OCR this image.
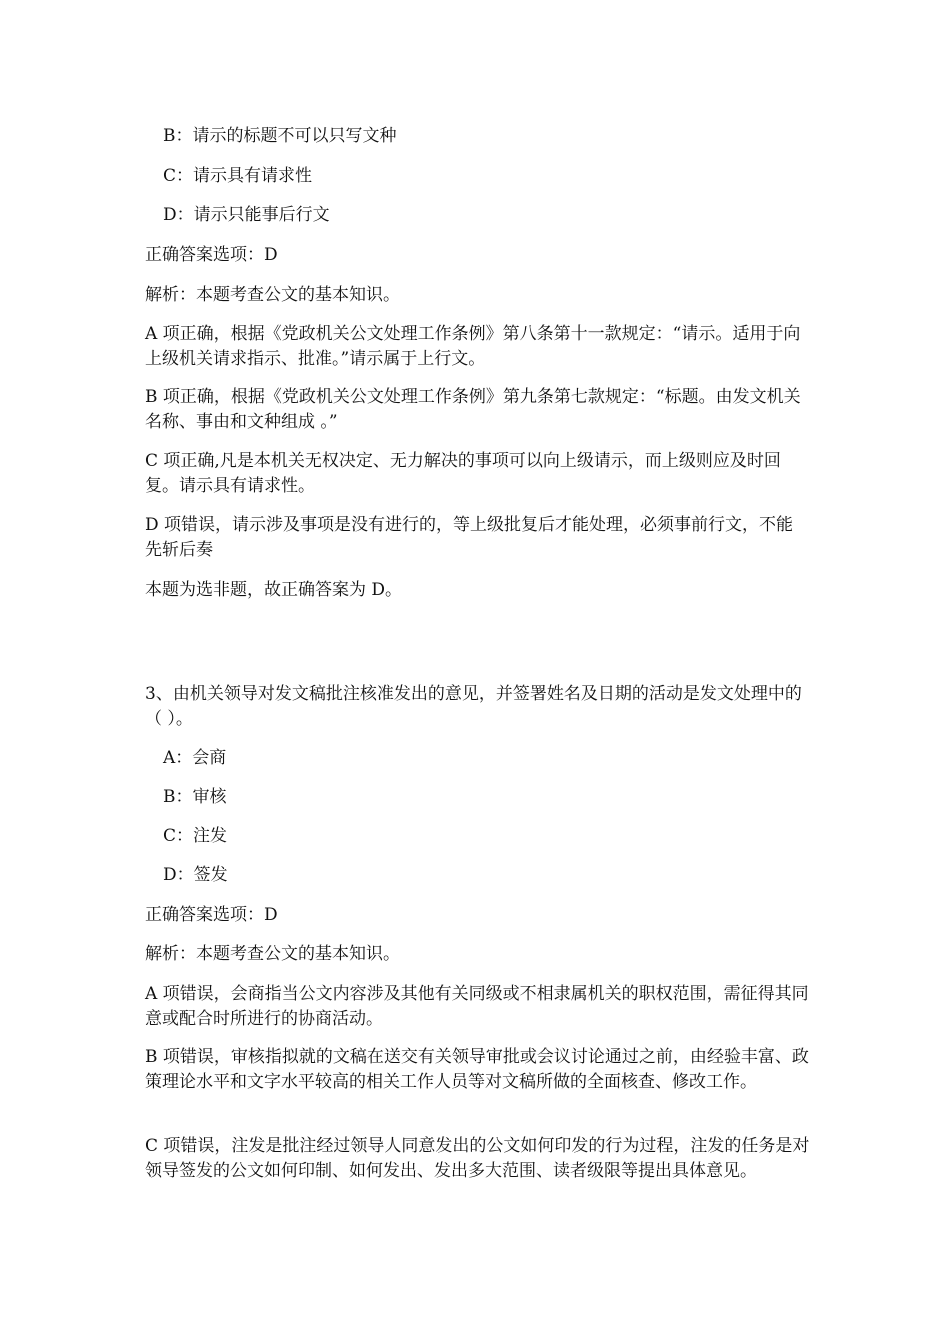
B：请示的标题不可以只写文种

C：请示具有请求性

D：请示只能事后行文

正确答案选项：D

解析：本题考查公文的基本知识。

A 项正确，根据《党政机关公文处理工作条例》第八条第十一款规定：“请示。适用于向上级机关请求指示、批准。”请示属于上行文。

B 项正确，根据《党政机关公文处理工作条例》第九条第七款规定：“标题。由发文机关名称、事由和文种组成 。”

C 项正确,凡是本机关无权决定、无力解决的事项可以向上级请示，而上级则应及时回复。请示具有请求性。

D 项错误，请示涉及事项是没有进行的，等上级批复后才能处理，必须事前行文，不能先斩后奏

本题为选非题，故正确答案为 D。

3、由机关领导对发文稿批注核准发出的意见，并签署姓名及日期的活动是发文处理中的（ ）。

A：会商

B：审核

C：注发

D：签发

正确答案选项：D

解析：本题考查公文的基本知识。

A 项错误，会商指当公文内容涉及其他有关同级或不相隶属机关的职权范围，需征得其同意或配合时所进行的协商活动。

B 项错误，审核指拟就的文稿在送交有关领导审批或会议讨论通过之前，由经验丰富、政策理论水平和文字水平较高的相关工作人员等对文稿所做的全面核查、修改工作。

C 项错误，注发是批注经过领导人同意发出的公文如何印发的行为过程，注发的任务是对领导签发的公文如何印制、如何发出、发出多大范围、读者级限等提出具体意见。
